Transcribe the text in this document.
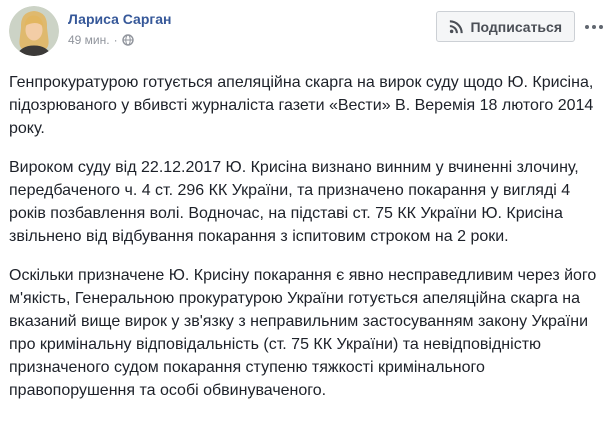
Лариса Сарган
49 мин. ·
Подписаться

Генпрокуратурою готується апеляційна скарга на вирок суду щодо Ю. Крисіна, підозрюваного у вбивсті журналіста газети «Вести» В. Веремія 18 лютого 2014 року.

Вироком суду від 22.12.2017 Ю. Крисіна визнано винним у вчиненні злочину, передбаченого ч. 4 ст. 296 КК України, та призначено покарання у вигляді 4 років позбавлення волі. Водночас, на підставі ст. 75 КК України Ю. Крисіна звільнено від відбування покарання з іспитовим строком на 2 роки.

Оскільки призначене Ю. Крисіну покарання є явно несправедливим через його м'якість, Генеральною прокуратурою України готується апеляційна скарга на вказаний вище вирок у зв'язку з неправильним застосуванням закону України про кримінальну відповідальність (ст. 75 КК України) та невідповідністю призначеного судом покарання ступеню тяжкості кримінального правопорушення та особі обвинуваченого.
